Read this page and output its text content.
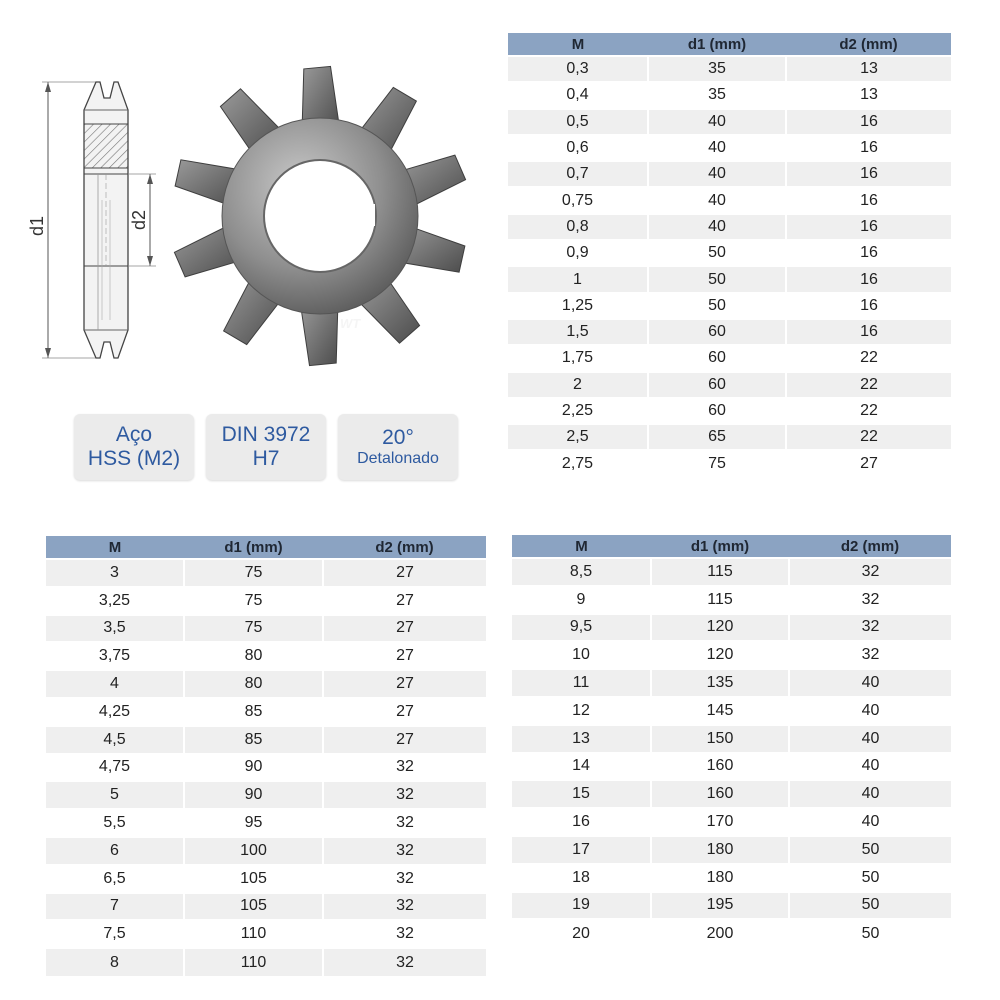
d1	d2
WT
Aço
HSS (M2)
DIN 3972
H7
20°
Detalonado
M	d1 (mm)	d2 (mm)
0,3	35	13
0,4	35	13
0,5	40	16
0,6	40	16
0,7	40	16
0,75	40	16
0,8	40	16
0,9	50	16
1	50	16
1,25	50	16
1,5	60	16
1,75	60	22
2	60	22
2,25	60	22
2,5	65	22
2,75	75	27
M	d1 (mm)	d2 (mm)
3	75	27
3,25	75	27
3,5	75	27
3,75	80	27
4	80	27
4,25	85	27
4,5	85	27
4,75	90	32
5	90	32
5,5	95	32
6	100	32
6,5	105	32
7	105	32
7,5	110	32
8	110	32
M	d1 (mm)	d2 (mm)
8,5	115	32
9	115	32
9,5	120	32
10	120	32
11	135	40
12	145	40
13	150	40
14	160	40
15	160	40
16	170	40
17	180	50
18	180	50
19	195	50
20	200	50
